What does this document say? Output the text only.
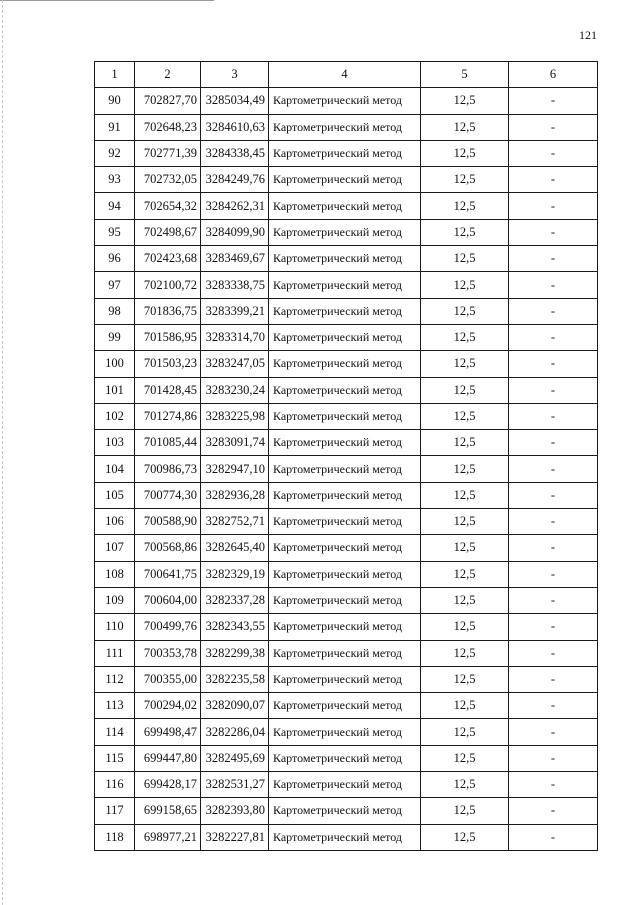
121
1	2	3	4	5	6
90	702827,70	3285034,49	Картометрический метод	12,5	-
91	702648,23	3284610,63	Картометрический метод	12,5	-
92	702771,39	3284338,45	Картометрический метод	12,5	-
93	702732,05	3284249,76	Картометрический метод	12,5	-
94	702654,32	3284262,31	Картометрический метод	12,5	-
95	702498,67	3284099,90	Картометрический метод	12,5	-
96	702423,68	3283469,67	Картометрический метод	12,5	-
97	702100,72	3283338,75	Картометрический метод	12,5	-
98	701836,75	3283399,21	Картометрический метод	12,5	-
99	701586,95	3283314,70	Картометрический метод	12,5	-
100	701503,23	3283247,05	Картометрический метод	12,5	-
101	701428,45	3283230,24	Картометрический метод	12,5	-
102	701274,86	3283225,98	Картометрический метод	12,5	-
103	701085,44	3283091,74	Картометрический метод	12,5	-
104	700986,73	3282947,10	Картометрический метод	12,5	-
105	700774,30	3282936,28	Картометрический метод	12,5	-
106	700588,90	3282752,71	Картометрический метод	12,5	-
107	700568,86	3282645,40	Картометрический метод	12,5	-
108	700641,75	3282329,19	Картометрический метод	12,5	-
109	700604,00	3282337,28	Картометрический метод	12,5	-
110	700499,76	3282343,55	Картометрический метод	12,5	-
111	700353,78	3282299,38	Картометрический метод	12,5	-
112	700355,00	3282235,58	Картометрический метод	12,5	-
113	700294,02	3282090,07	Картометрический метод	12,5	-
114	699498,47	3282286,04	Картометрический метод	12,5	-
115	699447,80	3282495,69	Картометрический метод	12,5	-
116	699428,17	3282531,27	Картометрический метод	12,5	-
117	699158,65	3282393,80	Картометрический метод	12,5	-
118	698977,21	3282227,81	Картометрический метод	12,5	-
